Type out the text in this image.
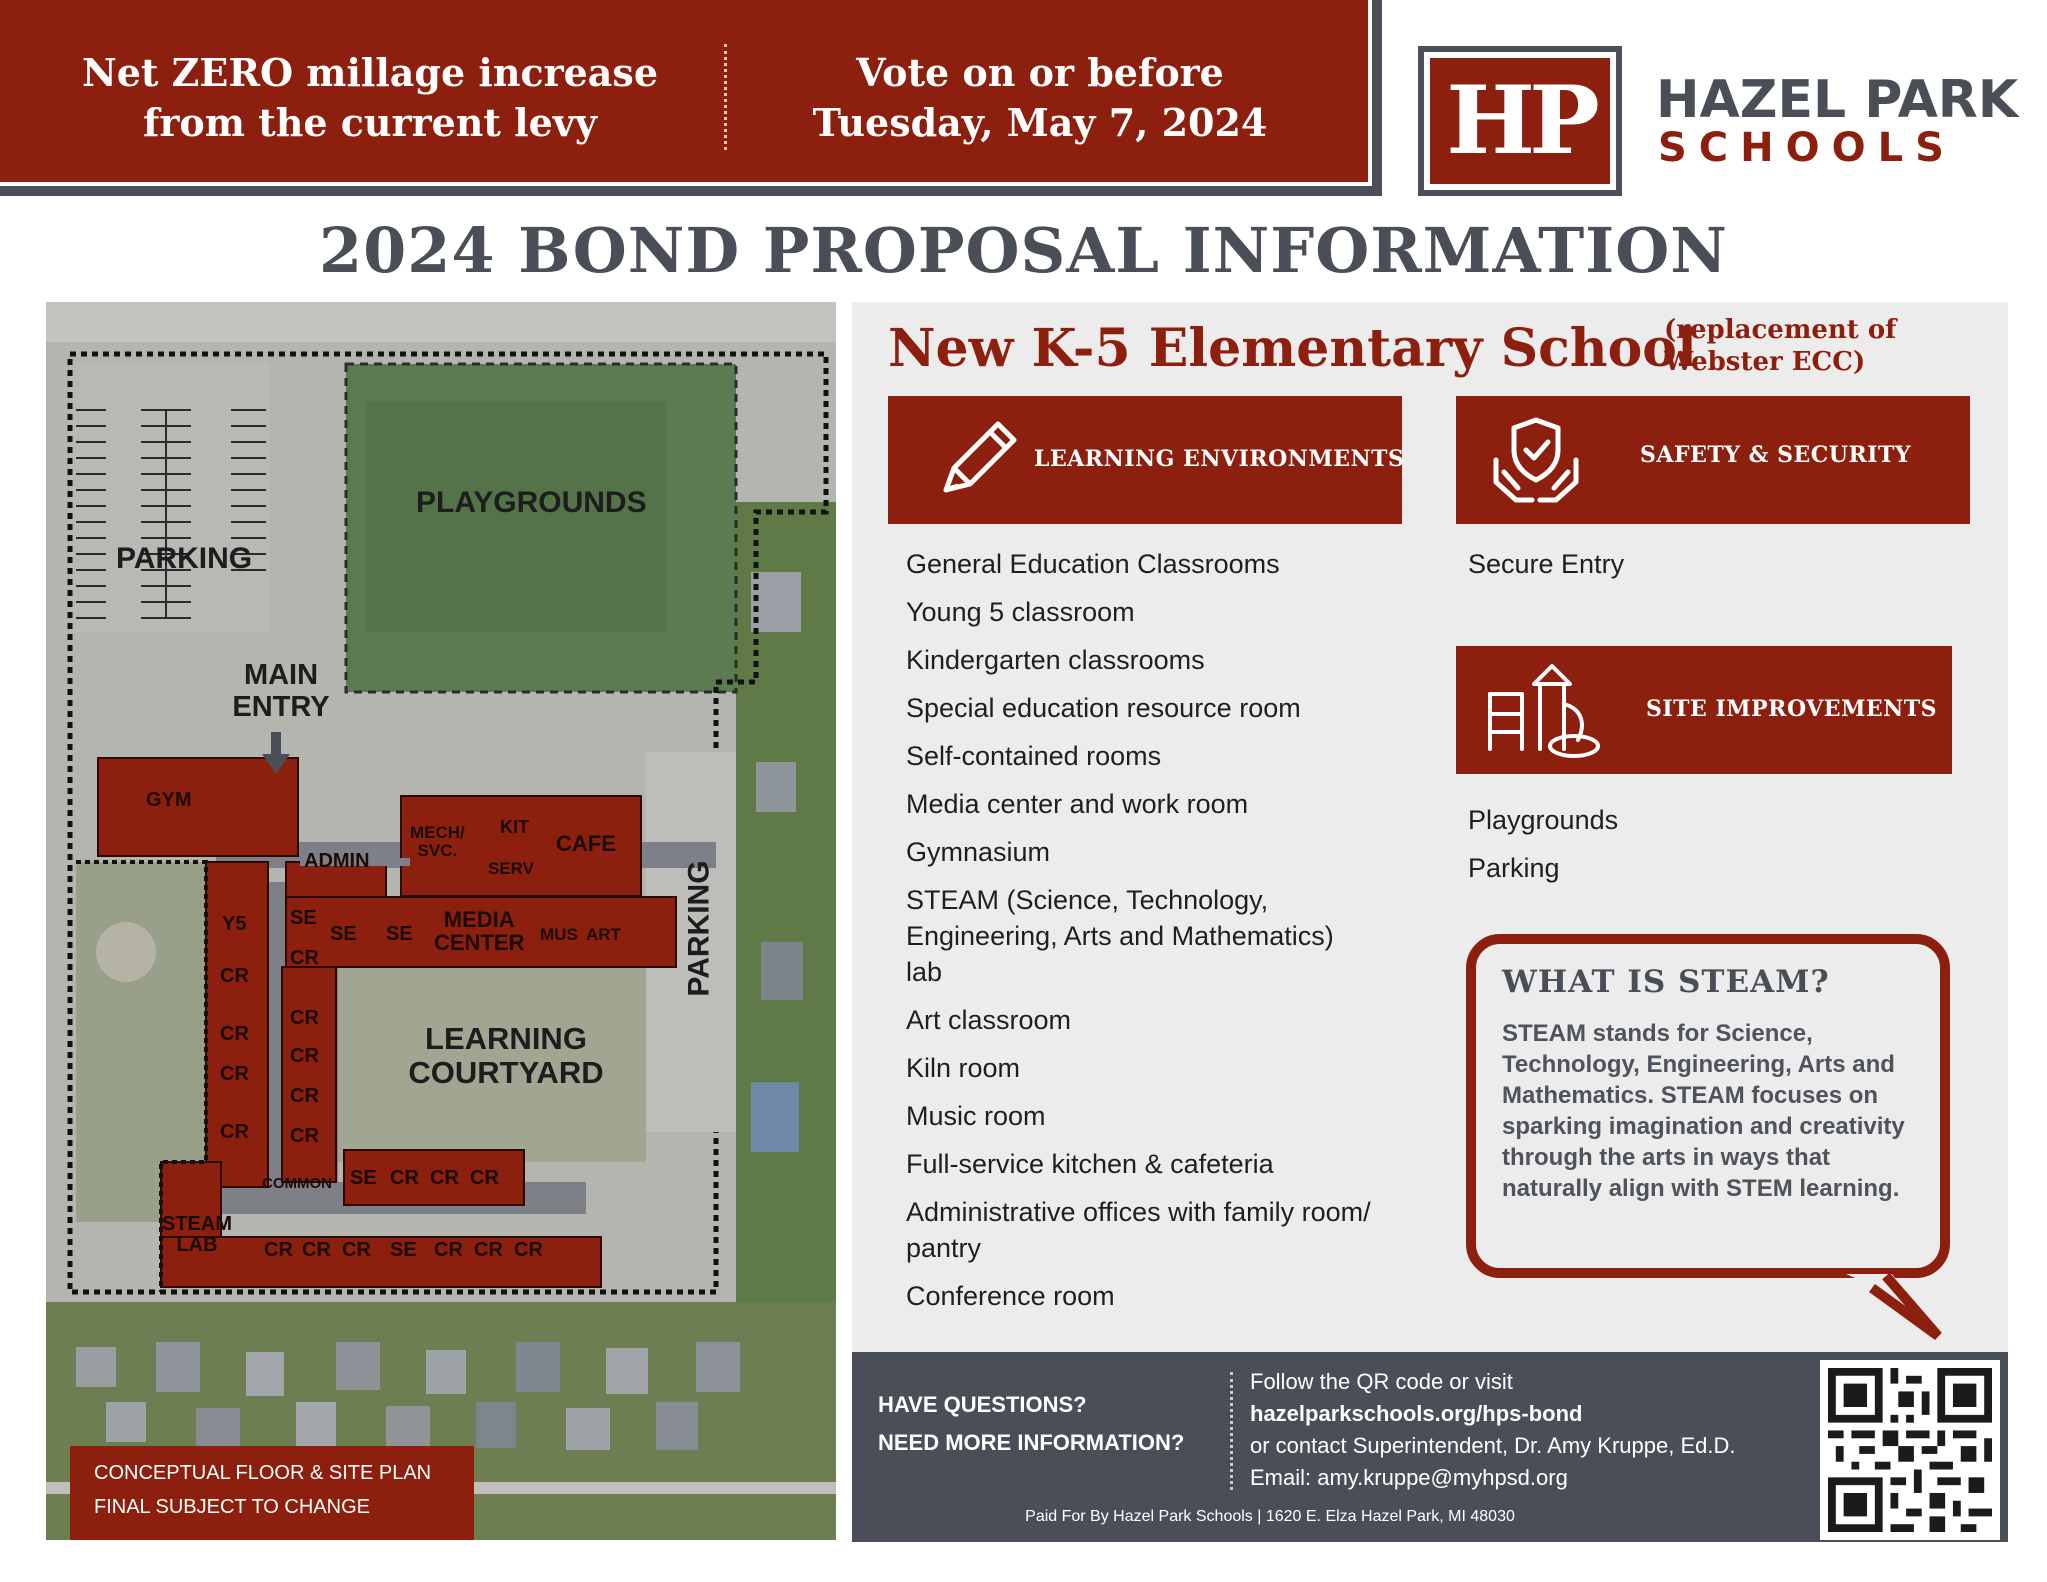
Net ZERO millage increase
from the current levy
Vote on or before
Tuesday, May 7, 2024	HP HAZEL PARK
SCHOOLS
2024 BOND PROPOSAL INFORMATION
PARKING
PLAYGROUNDS
MAIN
ENTRY
PARKING
LEARNING
COURTYARD
GYM
ADMIN
MECH/
SVC.
KIT
SERV
CAFE
Y5
CR
CR
CR
CR
SE
CR
CR
CR
CR
CR
SE SE
MEDIA
CENTER MUS ART
COMMON SE CR CR CR
STEAM
LAB	CR CR CR SE CR CR CR
CONCEPTUAL FLOOR & SITE PLAN
FINAL SUBJECT TO CHANGE
New K-5 Elementary School
(replacement of
Webster ECC)
LEARNING ENVIRONMENTS
General Education Classrooms
Young 5 classroom
Kindergarten classrooms
Special education resource room
Self-contained rooms
Media center and work room
Gymnasium
STEAM (Science, Technology, Engineering, Arts and Mathematics) lab
Art classroom
Kiln room
Music room
Full-service kitchen & cafeteria
Administrative offices with family room/ pantry
Conference room
SAFETY & SECURITY
Secure Entry
SITE IMPROVEMENTS
Playgrounds
Parking
WHAT IS STEAM?
STEAM stands for Science, Technology, Engineering, Arts and Mathematics. STEAM focuses on sparking imagination and creativity through the arts in ways that naturally align with STEM learning.
HAVE QUESTIONS?
NEED MORE INFORMATION?
Follow the QR code or visit
hazelparkschools.org/hps-bond
or contact Superintendent, Dr. Amy Kruppe, Ed.D.
Email: amy.kruppe@myhpsd.org
Paid For By Hazel Park Schools | 1620 E. Elza Hazel Park, MI 48030
